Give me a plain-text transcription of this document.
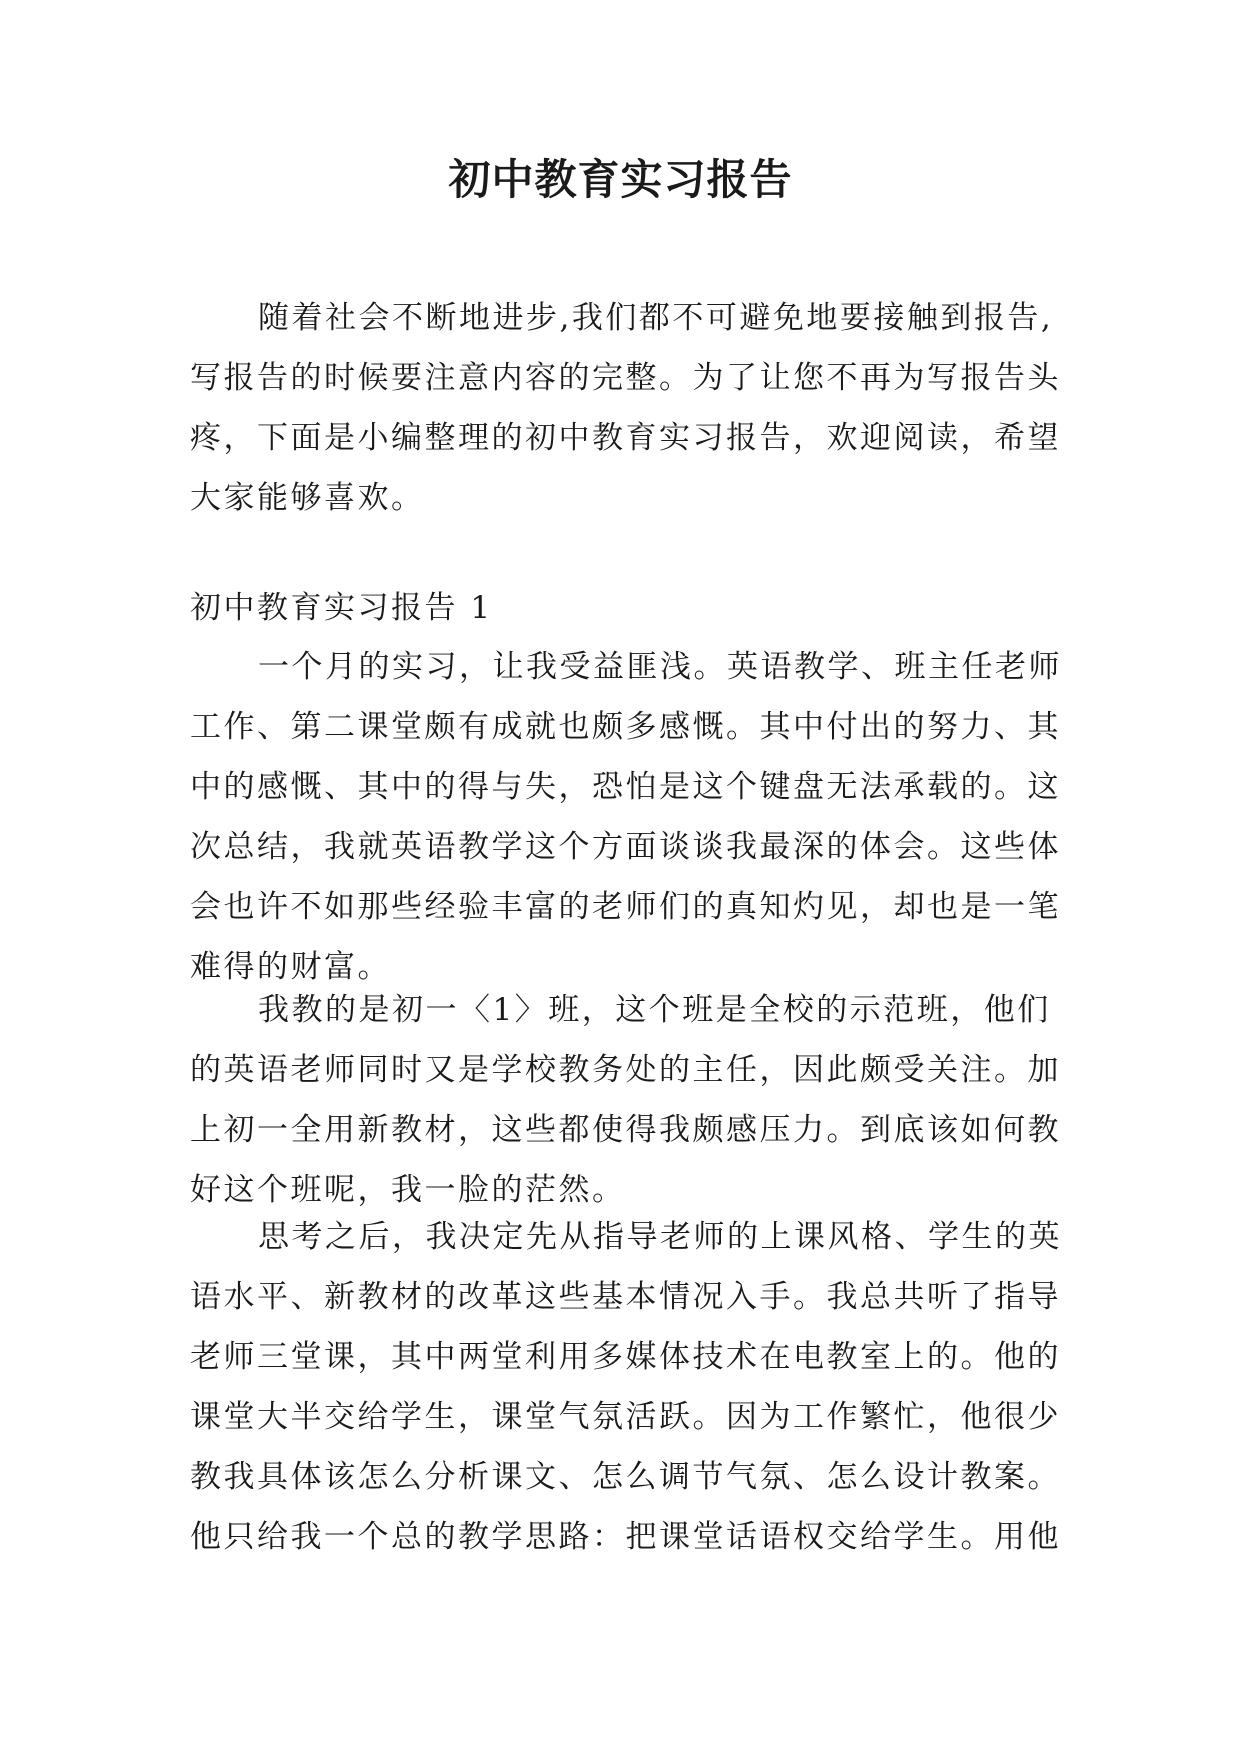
初中教育实习报告
随着社会不断地进步,我们都不可避免地要接触到报告,
写报告的时候要注意内容的完整。为了让您不再为写报告头
疼，下面是小编整理的初中教育实习报告，欢迎阅读，希望
大家能够喜欢。
初中教育实习报告 1
一个月的实习，让我受益匪浅。英语教学、班主任老师
工作、第二课堂颇有成就也颇多感慨。其中付出的努力、其
中的感慨、其中的得与失，恐怕是这个键盘无法承载的。这
次总结，我就英语教学这个方面谈谈我最深的体会。这些体
会也许不如那些经验丰富的老师们的真知灼见，却也是一笔
难得的财富。
我教的是初一〈1〉班，这个班是全校的示范班，他们
的英语老师同时又是学校教务处的主任，因此颇受关注。加
上初一全用新教材，这些都使得我颇感压力。到底该如何教
好这个班呢，我一脸的茫然。
思考之后，我决定先从指导老师的上课风格、学生的英
语水平、新教材的改革这些基本情况入手。我总共听了指导
老师三堂课，其中两堂利用多媒体技术在电教室上的。他的
课堂大半交给学生，课堂气氛活跃。因为工作繁忙，他很少
教我具体该怎么分析课文、怎么调节气氛、怎么设计教案。
他只给我一个总的教学思路：把课堂话语权交给学生。用他
